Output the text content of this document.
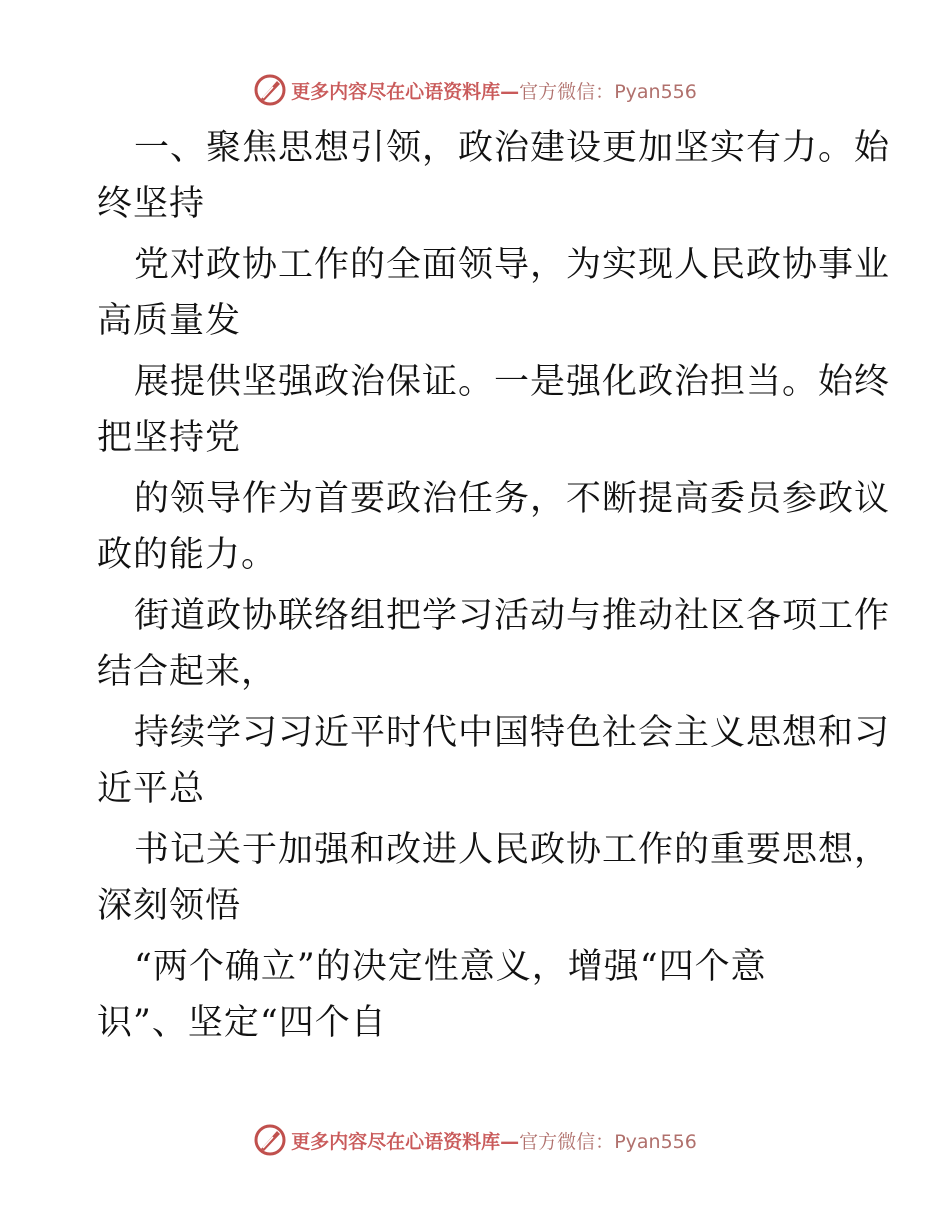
更多内容尽在心语资料库—官方微信：Pyan556
一、聚焦思想引领，政治建设更加坚实有力。始
终坚持
党对政协工作的全面领导，为实现人民政协事业
高质量发
展提供坚强政治保证。一是强化政治担当。始终
把坚持党
的领导作为首要政治任务，不断提高委员参政议
政的能力。
街道政协联络组把学习活动与推动社区各项工作
结合起来，
持续学习习近平时代中国特色社会主义思想和习
近平总
书记关于加强和改进人民政协工作的重要思想，
深刻领悟
“两个确立”的决定性意义，增强“四个意
识”、坚定“四个自
更多内容尽在心语资料库—官方微信：Pyan556
